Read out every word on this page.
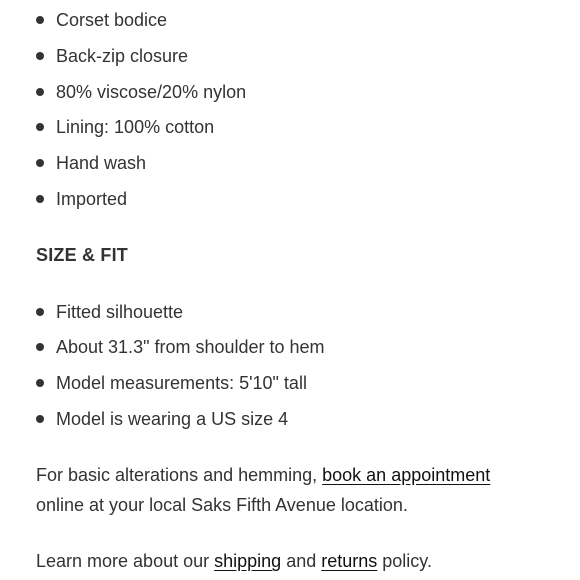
Corset bodice
Back-zip closure
80% viscose/20% nylon
Lining: 100% cotton
Hand wash
Imported
SIZE & FIT
Fitted silhouette
About 31.3" from shoulder to hem
Model measurements: 5'10" tall
Model is wearing a US size 4

For basic alterations and hemming, book an appointment
online at your local Saks Fifth Avenue location.

Learn more about our shipping and returns policy.
